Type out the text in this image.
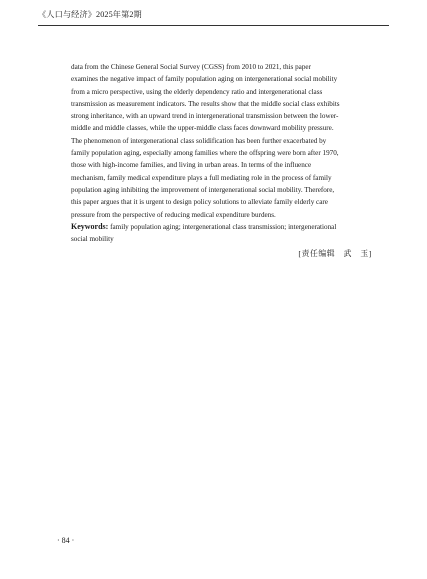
《人口与经济》2025年第2期
data from the Chinese General Social Survey (CGSS) from 2010 to 2021, this paper
examines the negative impact of family population aging on intergenerational social mobility
from a micro perspective, using the elderly dependency ratio and intergenerational class
transmission as measurement indicators. The results show that the middle social class exhibits
strong inheritance, with an upward trend in intergenerational transmission between the lower-
middle and middle classes, while the upper-middle class faces downward mobility pressure.
The phenomenon of intergenerational class solidification has been further exacerbated by
family population aging, especially among families where the offspring were born after 1970,
those with high-income families, and living in urban areas. In terms of the influence
mechanism, family medical expenditure plays a full mediating role in the process of family
population aging inhibiting the improvement of intergenerational social mobility. Therefore,
this paper argues that it is urgent to design policy solutions to alleviate family elderly care
pressure from the perspective of reducing medical expenditure burdens.
Keywords: family population aging; intergenerational class transmission; intergenerational
social mobility
[责任编辑　武　玉]
· 84 ·
